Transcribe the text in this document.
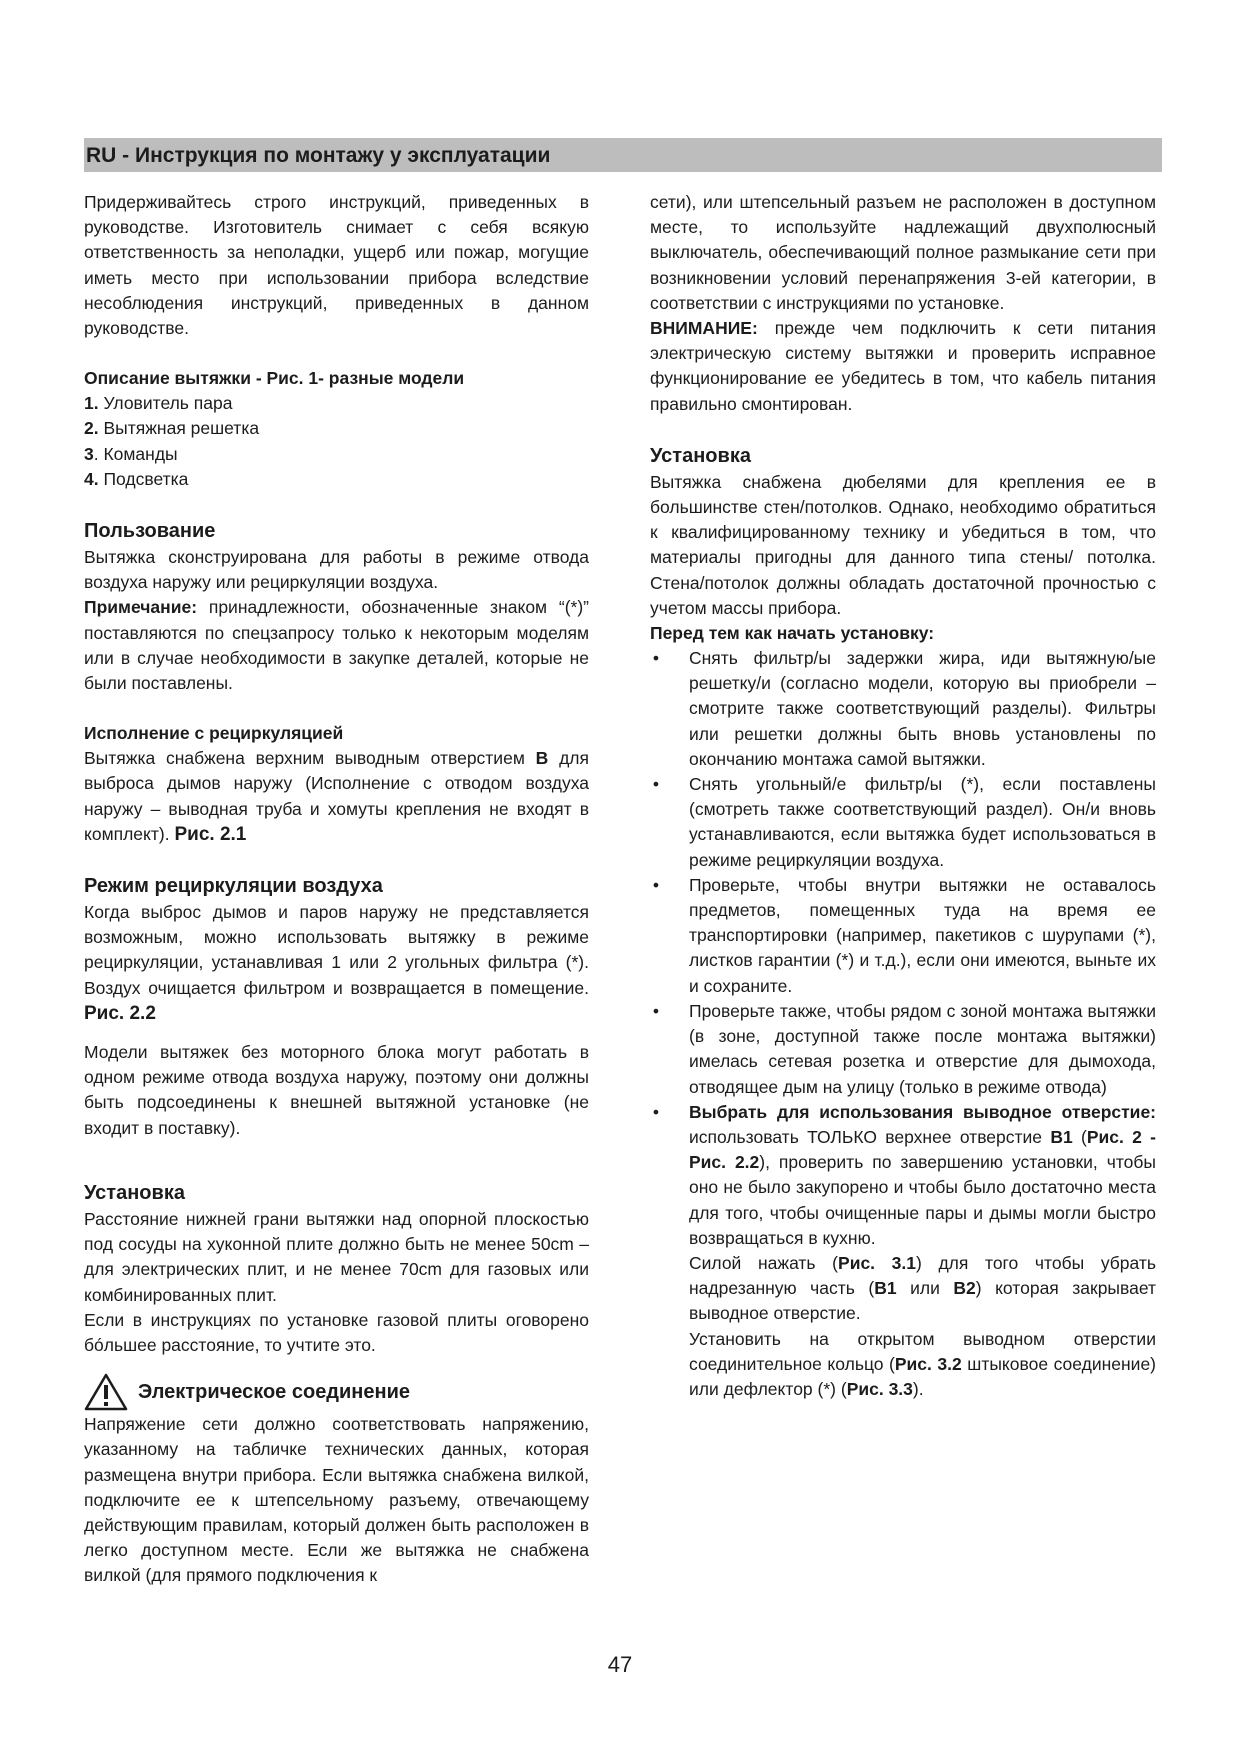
RU - Инструкция по монтажу у эксплуатации

Придерживайтесь строго инструкций, приведенных в руководстве. Изготовитель снимает с себя всякую ответственность за неполадки, ущерб или пожар, могущие иметь место при использовании прибора вследствие несоблюдения инструкций, приведенных в данном руководстве.

Описание вытяжки - Рис. 1- разные модели
1. Уловитель пара
2. Вытяжная решетка
3. Команды
4. Подсветка
Пользование

Вытяжка сконструирована для работы в режиме отвода воздуха наружу или рециркуляции воздуха.

Примечание: принадлежности, обозначенные знаком “(*)” поставляются по спецзапросу только к некоторым моделям или в случае необходимости в закупке деталей, которые не были поставлены.

Исполнение с рециркуляцией

Вытяжка снабжена верхним выводным отверстием B для выброса дымов наружу (Исполнение с отводом воздуха наружу – выводная труба и хомуты крепления не входят в комплект). Рис. 2.1

Режим рециркуляции воздуха

Когда выброс дымов и паров наружу не представляется возможным, можно использовать вытяжку в режиме рециркуляции, устанавливая 1 или 2 угольных фильтра (*). Воздух очищается фильтром и возвращается в помещение. Рис. 2.2

Модели вытяжек без моторного блока могут работать в одном режиме отвода воздуха наружу, поэтому они должны быть подсоединены к внешней вытяжной установке (не входит в поставку).

Установка

Расстояние нижней грани вытяжки над опорной плоскостью под сосуды на хуконной плите должно быть не менее 50cm – для электрических плит, и не менее 70cm для газовых или комбинированных плит.

Если в инструкциях по установке газовой плиты оговорено бóльшее расстояние, то учтите это.

Электрическое соединение

Напряжение сети должно соответствовать напряжению, указанному на табличке технических данных, которая размещена внутри прибора. Если вытяжка снабжена вилкой, подключите ее к штепсельному разъему, отвечающему действующим правилам, который должен быть расположен в легко доступном месте. Если же вытяжка не снабжена вилкой (для прямого подключения к

сети), или штепсельный разъем не расположен в доступном месте, то используйте надлежащий двухполюсный выключатель, обеспечивающий полное размыкание сети при возникновении условий перенапряжения 3-ей категории, в соответствии с инструкциями по установке.

ВНИМАНИЕ: прежде чем подключить к сети питания электрическую систему вытяжки и проверить исправное функционирование ее убедитесь в том, что кабель питания правильно смонтирован.

Установка

Вытяжка снабжена дюбелями для крепления ее в большинстве стен/потолков. Однако, необходимо обратиться к квалифицированному технику и убедиться в том, что материалы пригодны для данного типа стены/ потолка. Стена/потолок должны обладать достаточной прочностью с учетом массы прибора.

Перед тем как начать установку:
• Снять фильтр/ы задержки жира, иди вытяжную/ые решетку/и (согласно модели, которую вы приобрели – смотрите также соответствующий разделы). Фильтры или решетки должны быть вновь установлены по окончанию монтажа самой вытяжки.
• Снять угольный/е фильтр/ы (*), если поставлены (смотреть также соответствующий раздел). Он/и вновь устанавливаются, если вытяжка будет использоваться в режиме рециркуляции воздуха.
• Проверьте, чтобы внутри вытяжки не оставалось предметов, помещенных туда на время ее транспортировки (например, пакетиков с шурупами (*), листков гарантии (*) и т.д.), если они имеются, выньте их и сохраните.
• Проверьте также, чтобы рядом с зоной монтажа вытяжки (в зоне, доступной также после монтажа вытяжки) имелась сетевая розетка и отверстие для дымохода, отводящее дым на улицу (только в режиме отвода)
• Выбрать для использования выводное отверстие: использовать ТОЛЬКО верхнее отверстие B1 (Рис. 2 - Рис. 2.2), проверить по завершению установки, чтобы оно не было закупорено и чтобы было достаточно места для того, чтобы очищенные пары и дымы могли быстро возвращаться в кухню.

Силой нажать (Рис. 3.1) для того чтобы убрать надрезанную часть (B1 или B2) которая закрывает выводное отверстие.

Установить на открытом выводном отверстии соединительное кольцо (Рис. 3.2 штыковое соединение) или дефлектор (*) (Рис. 3.3).

47
